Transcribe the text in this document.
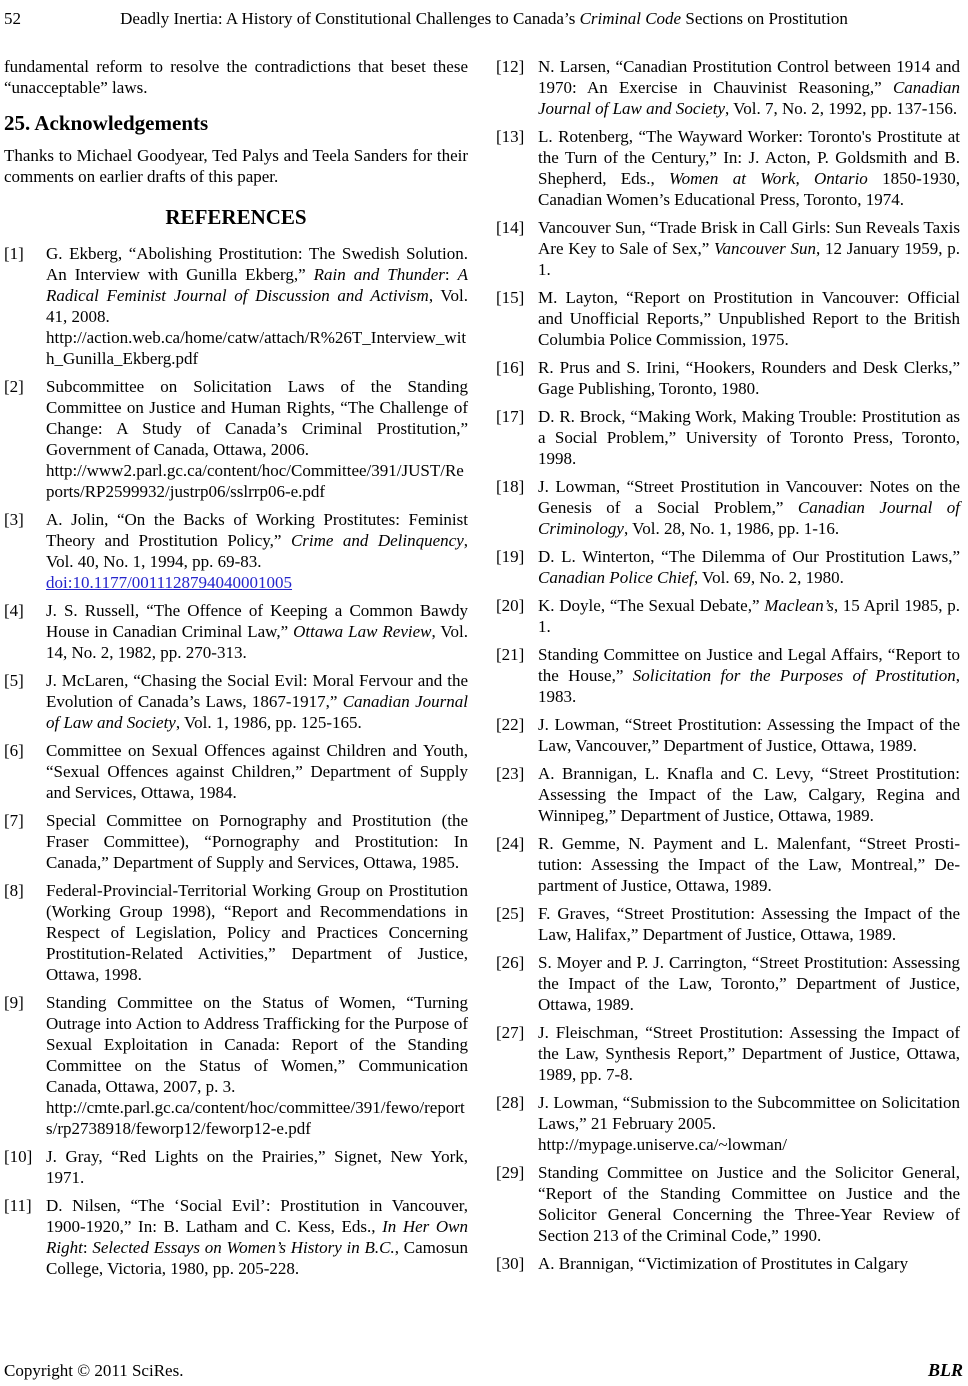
52	Deadly Inertia: A History of Constitutional Challenges to Canada’s Criminal Code Sections on Prostitution

fundamental reform to resolve the contradictions that beset these “unacceptable” laws.

25. Acknowledgements

Thanks to Michael Goodyear, Ted Palys and Teela Sanders for their comments on earlier drafts of this paper.

REFERENCES
[1] G. Ekberg, “Abolishing Prostitution: The Swedish Solution. An Interview with Gunilla Ekberg,” Rain and Thunder: A Radical Feminist Journal of Discussion and Activism, Vol. 41, 2008.
http://action.web.ca/home/catw/attach/R%26T_Interview_with_Gunilla_Ekberg.pdf
[2] Subcommittee on Solicitation Laws of the Standing Committee on Justice and Human Rights, “The Challenge of Change: A Study of Canada’s Criminal Prostitution,” Government of Canada, Ottawa, 2006.
http://www2.parl.gc.ca/content/hoc/Committee/391/JUST/Reports/RP2599932/justrp06/sslrrp06-e.pdf
[3] A. Jolin, “On the Backs of Working Prostitutes: Feminist Theory and Prostitution Policy,” Crime and Delinquency, Vol. 40, No. 1, 1994, pp. 69-83.
doi:10.1177/0011128794040001005
[4] J. S. Russell, “The Offence of Keeping a Common Bawdy House in Canadian Criminal Law,” Ottawa Law Review, Vol. 14, No. 2, 1982, pp. 270-313.
[5] J. McLaren, “Chasing the Social Evil: Moral Fervour and the Evolution of Canada’s Laws, 1867-1917,” Canadian Journal of Law and Society, Vol. 1, 1986, pp. 125-165.
[6] Committee on Sexual Offences against Children and Youth, “Sexual Offences against Children,” Department of Supply and Services, Ottawa, 1984.
[7] Special Committee on Pornography and Prostitution (the Fraser Committee), “Pornography and Prostitution: In Canada,” Department of Supply and Services, Ottawa, 1985.
[8] Federal-Provincial-Territorial Working Group on Prostitution (Working Group 1998), “Report and Recommendations in Respect of Legislation, Policy and Practices Concerning Prostitution-Related Activities,” Department of Justice, Ottawa, 1998.
[9] Standing Committee on the Status of Women, “Turning Outrage into Action to Address Trafficking for the Purpose of Sexual Exploitation in Canada: Report of the Standing Committee on the Status of Women,” Communication Canada, Ottawa, 2007, p. 3.
http://cmte.parl.gc.ca/content/hoc/committee/391/fewo/reports/rp2738918/feworp12/feworp12-e.pdf
[10] J. Gray, “Red Lights on the Prairies,” Signet, New York, 1971.
[11] D. Nilsen, “The ‘Social Evil’: Prostitution in Vancouver, 1900-1920,” In: B. Latham and C. Kess, Eds., In Her Own Right: Selected Essays on Women’s History in B.C., Camosun College, Victoria, 1980, pp. 205-228.
[12] N. Larsen, “Canadian Prostitution Control between 1914 and 1970: An Exercise in Chauvinist Reasoning,” Canadian Journal of Law and Society, Vol. 7, No. 2, 1992, pp. 137-156.
[13] L. Rotenberg, “The Wayward Worker: Toronto's Prostitute at the Turn of the Century,” In: J. Acton, P. Goldsmith and B. Shepherd, Eds., Women at Work, Ontario 1850-1930, Canadian Women’s Educational Press, Toronto, 1974.
[14] Vancouver Sun, “Trade Brisk in Call Girls: Sun Reveals Taxis Are Key to Sale of Sex,” Vancouver Sun, 12 January 1959, p. 1.
[15] M. Layton, “Report on Prostitution in Vancouver: Official and Unofficial Reports,” Unpublished Report to the British Columbia Police Commission, 1975.
[16] R. Prus and S. Irini, “Hookers, Rounders and Desk Clerks,” Gage Publishing, Toronto, 1980.
[17] D. R. Brock, “Making Work, Making Trouble: Prostitution as a Social Problem,” University of Toronto Press, Toronto, 1998.
[18] J. Lowman, “Street Prostitution in Vancouver: Notes on the Genesis of a Social Problem,” Canadian Journal of Criminology, Vol. 28, No. 1, 1986, pp. 1-16.
[19] D. L. Winterton, “The Dilemma of Our Prostitution Laws,” Canadian Police Chief, Vol. 69, No. 2, 1980.
[20] K. Doyle, “The Sexual Debate,” Maclean’s, 15 April 1985, p. 1.
[21] Standing Committee on Justice and Legal Affairs, “Report to the House,” Solicitation for the Purposes of Prostitution, 1983.
[22] J. Lowman, “Street Prostitution: Assessing the Impact of the Law, Vancouver,” Department of Justice, Ottawa, 1989.
[23] A. Brannigan, L. Knafla and C. Levy, “Street Prostitution: Assessing the Impact of the Law, Calgary, Regina and Winnipeg,” Department of Justice, Ottawa, 1989.
[24] R. Gemme, N. Payment and L. Malenfant, “Street Prostitution: Assessing the Impact of the Law, Montreal,” Department of Justice, Ottawa, 1989.
[25] F. Graves, “Street Prostitution: Assessing the Impact of the Law, Halifax,” Department of Justice, Ottawa, 1989.
[26] S. Moyer and P. J. Carrington, “Street Prostitution: Assessing the Impact of the Law, Toronto,” Department of Justice, Ottawa, 1989.
[27] J. Fleischman, “Street Prostitution: Assessing the Impact of the Law, Synthesis Report,” Department of Justice, Ottawa, 1989, pp. 7-8.
[28] J. Lowman, “Submission to the Subcommittee on Solicitation Laws,” 21 February 2005.
http://mypage.uniserve.ca/~lowman/
[29] Standing Committee on Justice and the Solicitor General, “Report of the Standing Committee on Justice and the Solicitor General Concerning the Three-Year Review of Section 213 of the Criminal Code,” 1990.
[30] A. Brannigan, “Victimization of Prostitutes in Calgary
Copyright © 2011 SciRes.	BLR
